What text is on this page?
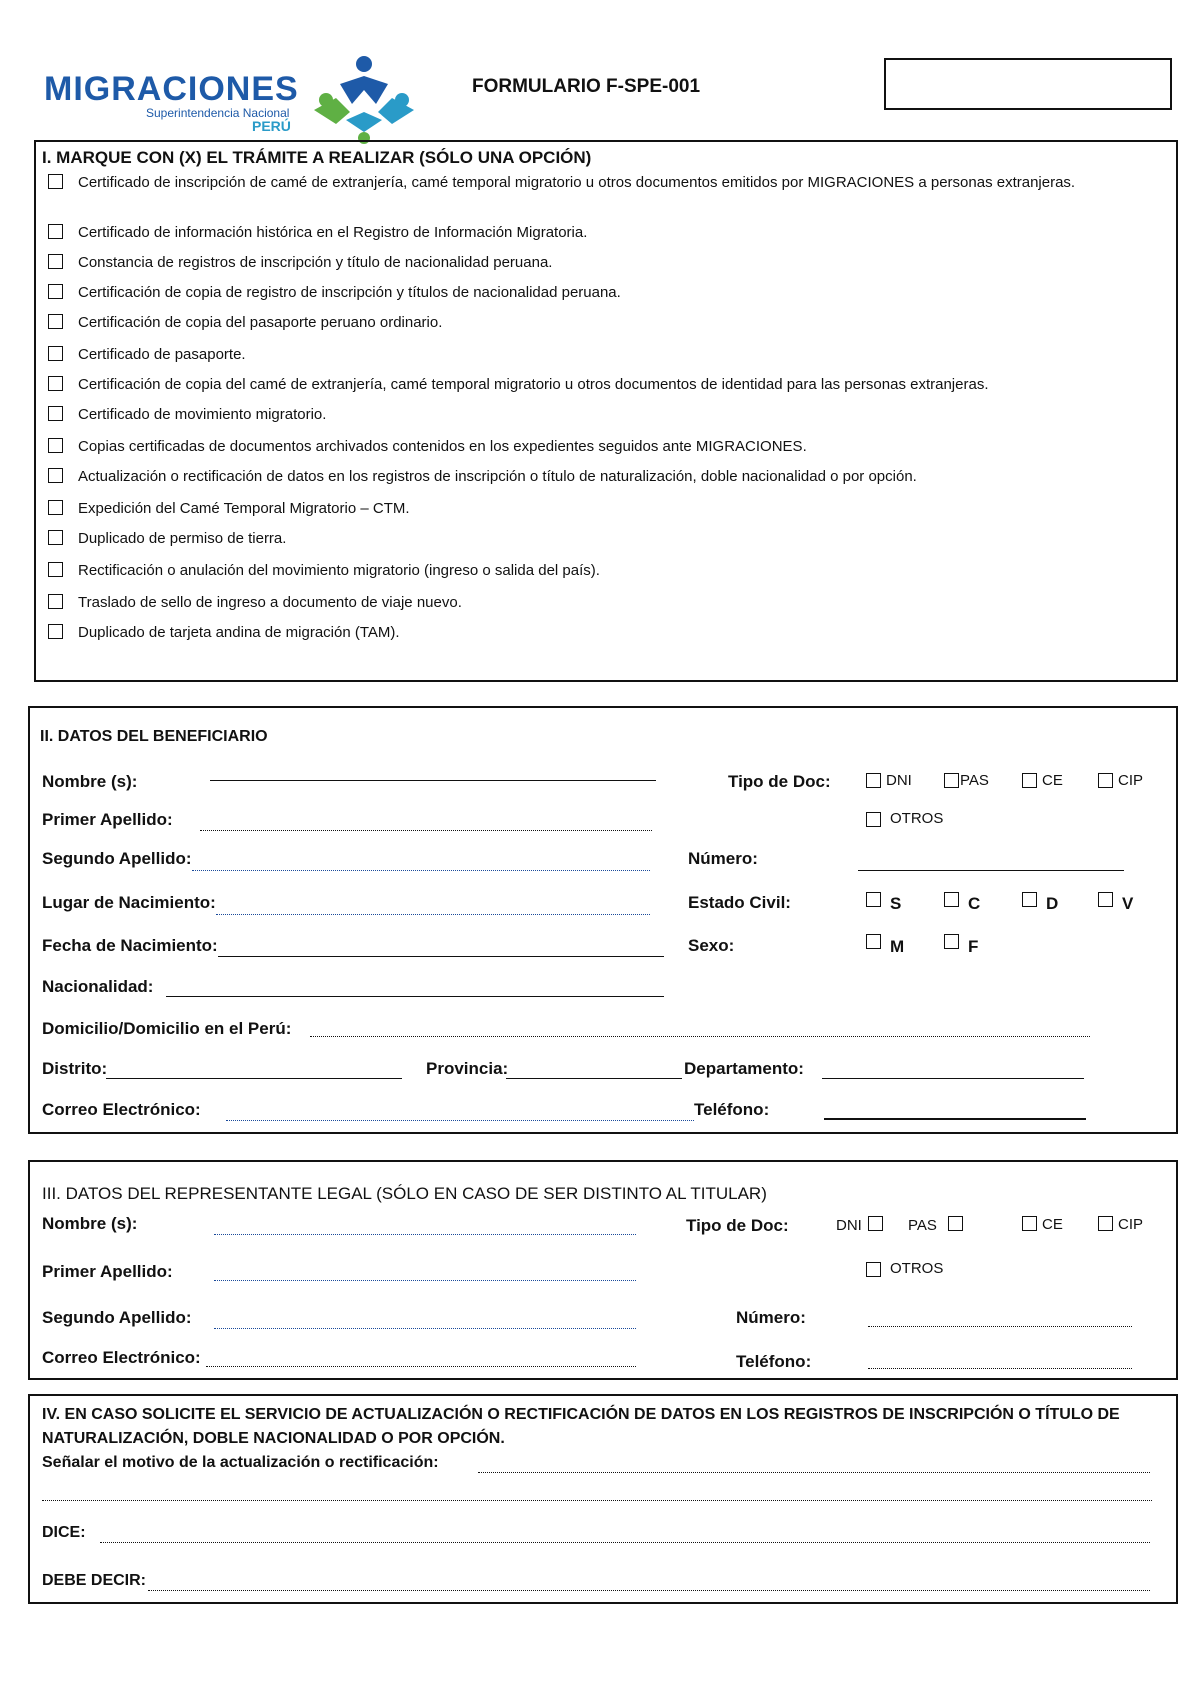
MIGRACIONES
Superintendencia Nacional
PERÚ
FORMULARIO F-SPE-001
I. MARQUE CON (X) EL TRÁMITE A REALIZAR (SÓLO UNA OPCIÓN)
Certificado de inscripción de camé de extranjería, camé temporal migratorio u otros documentos emitidos por MIGRACIONES a personas extranjeras.
Certificado de información histórica en el Registro de Información Migratoria.
Constancia de registros de inscripción y título de nacionalidad peruana.
Certificación de copia de registro de inscripción y títulos de nacionalidad peruana.
Certificación de copia del pasaporte peruano ordinario.
Certificado de pasaporte.
Certificación de copia del camé de extranjería, camé temporal migratorio u otros documentos de identidad para las personas extranjeras.
Certificado de movimiento migratorio.
Copias certificadas de documentos archivados contenidos en los expedientes seguidos ante MIGRACIONES.
Actualización o rectificación de datos en los registros de inscripción o título de naturalización, doble nacionalidad o por opción.
Expedición del Camé Temporal Migratorio – CTM.
Duplicado de permiso de tierra.
Rectificación o anulación del movimiento migratorio (ingreso o salida del país).
Traslado de sello de ingreso a documento de viaje nuevo.
Duplicado de tarjeta andina de migración (TAM).
II. DATOS DEL BENEFICIARIO
Nombre (s):
Primer Apellido:
Segundo Apellido:
Lugar de Nacimiento:
Fecha de Nacimiento:
Nacionalidad:
Domicilio/Domicilio en el Perú:
Distrito:	Provincia:	Departamento:
Correo Electrónico:	Teléfono:
Tipo de Doc:	DNI	PAS	CE	CIP
OTROS
Número:
Estado Civil:	S	C	D	V
Sexo:	M	F
III. DATOS DEL REPRESENTANTE LEGAL (SÓLO EN CASO DE SER DISTINTO AL TITULAR)
Nombre (s):
Primer Apellido:
Segundo Apellido:
Correo Electrónico:
Tipo de Doc:	DNI	PAS	CE	CIP
OTROS
Número:
Teléfono:
IV. EN CASO SOLICITE EL SERVICIO DE ACTUALIZACIÓN O RECTIFICACIÓN DE DATOS EN LOS REGISTROS DE INSCRIPCIÓN O TÍTULO DE
NATURALIZACIÓN, DOBLE NACIONALIDAD O POR OPCIÓN.
Señalar el motivo de la actualización o rectificación:
DICE:
DEBE DECIR:
